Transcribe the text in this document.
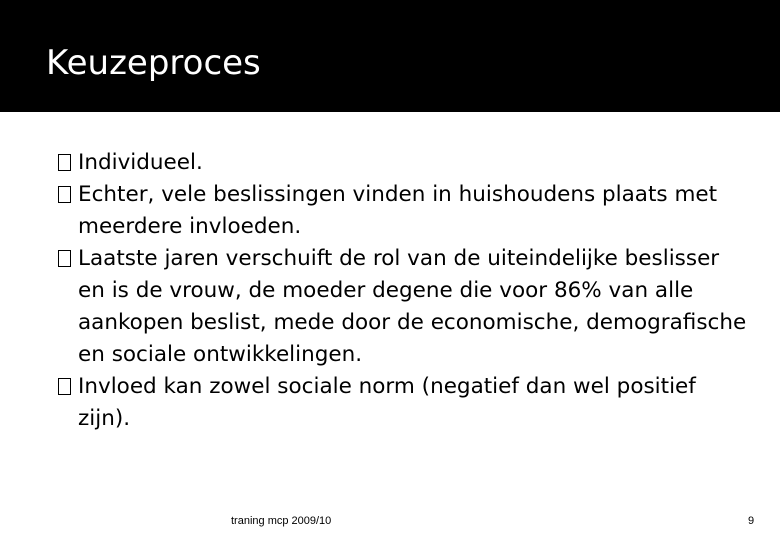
Keuzeproces
Individueel.
Echter, vele beslissingen vinden in huishoudens plaats met meerdere invloeden.
Laatste jaren verschuift de rol van de uiteindelijke beslisser en is de vrouw, de moeder degene die voor 86% van alle aankopen beslist, mede door de economische, demografische en sociale ontwikkelingen.
Invloed kan zowel sociale norm (negatief dan wel positief zijn).
traning mcp 2009/10	9
